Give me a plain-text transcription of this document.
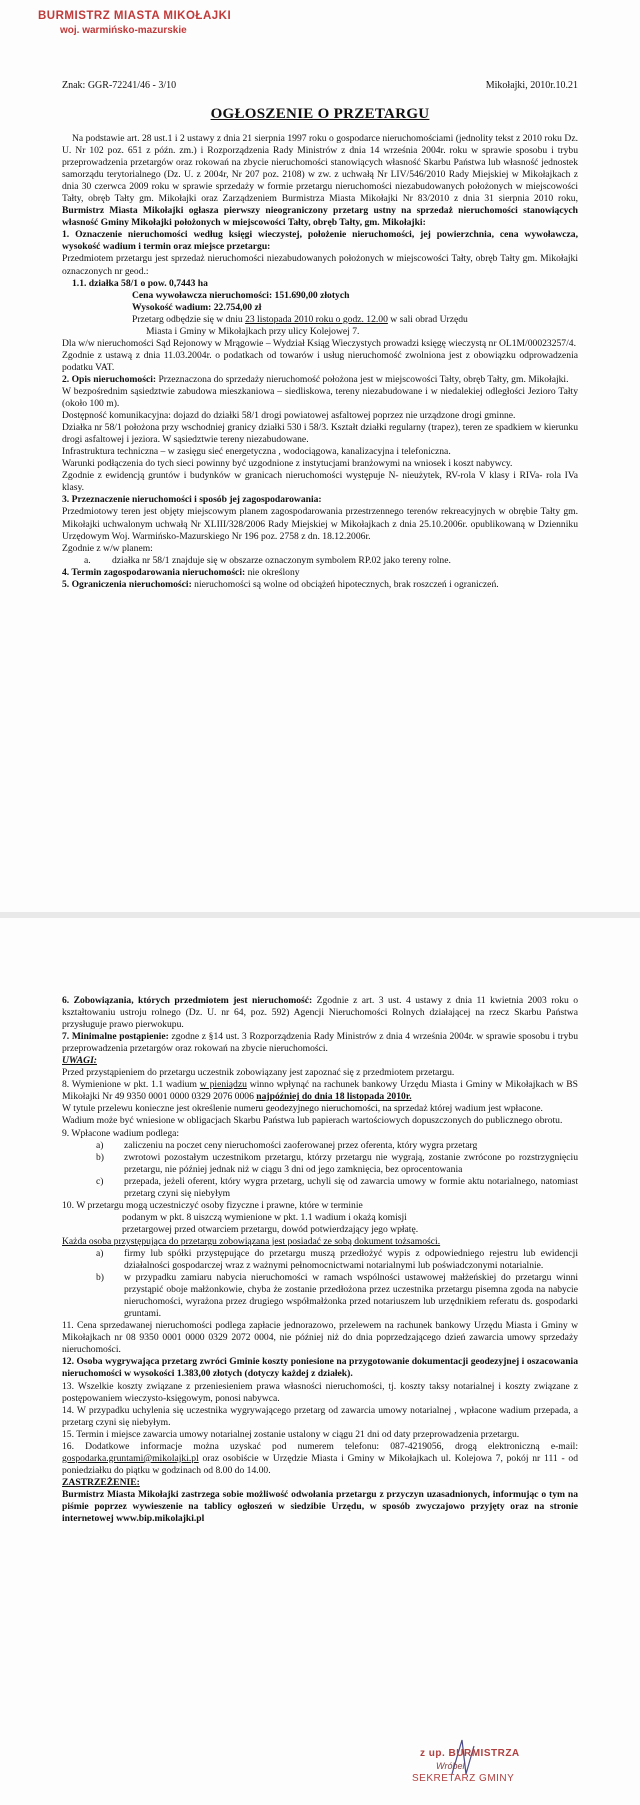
BURMISTRZ MIASTA MIKOŁAJKI
woj. warmińsko-mazurskie
Znak: GGR-72241/46 - 3/10	Mikołajki, 2010r.10.21
OGŁOSZENIE O PRZETARGU

Na podstawie art. 28 ust.1 i 2 ustawy z dnia 21 sierpnia 1997 roku o gospodarce nieruchomościami (jednolity tekst z 2010 roku Dz. U. Nr 102 poz. 651 z późn. zm.) i Rozporządzenia Rady Ministrów z dnia 14 września 2004r. roku w sprawie sposobu i trybu przeprowadzenia przetargów oraz rokowań na zbycie nieruchomości stanowiących własność Skarbu Państwa lub własność jednostek samorządu terytorialnego (Dz. U. z 2004r, Nr 207 poz. 2108) w zw. z uchwałą Nr LIV/546/2010 Rady Miejskiej w Mikołajkach z dnia 30 czerwca 2009 roku w sprawie sprzedaży w formie przetargu nieruchomości niezabudowanych położonych w miejscowości Tałty, obręb Tałty gm. Mikołajki oraz Zarządzeniem Burmistrza Miasta Mikołajki Nr 83/2010 z dnia 31 sierpnia 2010 roku, Burmistrz Miasta Mikołajki ogłasza pierwszy nieograniczony przetarg ustny na sprzedaż nieruchomości stanowiących własność Gminy Mikołajki położonych w miejscowości Tałty, obręb Tałty, gm. Mikołajki:

1. Oznaczenie nieruchomości według księgi wieczystej, położenie nieruchomości, jej powierzchnia, cena wywoławcza, wysokość wadium i termin oraz miejsce przetargu:

Przedmiotem przetargu jest sprzedaż nieruchomości niezabudowanych położonych w miejscowości Tałty, obręb Tałty gm. Mikołajki oznaczonych nr geod.:

1.1. działka 58/1 o pow. 0,7443 ha

Cena wywoławcza nieruchomości: 151.690,00 złotych

Wysokość wadium: 22.754,00 zł

Przetarg odbędzie się w dniu 23 listopada 2010 roku o godz. 12.00 w sali obrad Urzędu

Miasta i Gminy w Mikołajkach przy ulicy Kolejowej 7.

Dla w/w nieruchomości Sąd Rejonowy w Mrągowie – Wydział Ksiąg Wieczystych prowadzi księgę wieczystą nr OL1M/00023257/4.

Zgodnie z ustawą z dnia 11.03.2004r. o podatkach od towarów i usług nieruchomość zwolniona jest z obowiązku odprowadzenia podatku VAT.

2. Opis nieruchomości: Przeznaczona do sprzedaży nieruchomość położona jest w miejscowości Tałty, obręb Tałty, gm. Mikołajki.

W bezpośrednim sąsiedztwie zabudowa mieszkaniowa – siedliskowa, tereny niezabudowane i w niedalekiej odległości Jezioro Tałty (około 100 m).

Dostępność komunikacyjna: dojazd do działki 58/1 drogi powiatowej asfaltowej poprzez nie urządzone drogi gminne.

Działka nr 58/1 położona przy wschodniej granicy działki 530 i 58/3. Kształt działki regularny (trapez), teren ze spadkiem w kierunku drogi asfaltowej i jeziora. W sąsiedztwie tereny niezabudowane.

Infrastruktura techniczna – w zasięgu sieć energetyczna , wodociągowa, kanalizacyjna i telefoniczna.

Warunki podłączenia do tych sieci powinny być uzgodnione z instytucjami branżowymi na wniosek i koszt nabywcy.

Zgodnie z ewidencją gruntów i budynków w granicach nieruchomości występuje N- nieużytek, RV-rola V klasy i RIVa- rola IVa klasy.

3. Przeznaczenie nieruchomości i sposób jej zagospodarowania:

Przedmiotowy teren jest objęty miejscowym planem zagospodarowania przestrzennego terenów rekreacyjnych w obrębie Tałty gm. Mikołajki uchwalonym uchwałą Nr XLIII/328/2006 Rady Miejskiej w Mikołajkach z dnia 25.10.2006r. opublikowaną w Dzienniku Urzędowym Woj. Warmińsko-Mazurskiego Nr 196 poz. 2758 z dn. 18.12.2006r.

Zgodnie z w/w planem:

a.	działka nr 58/1 znajduje się w obszarze oznaczonym symbolem RP.02 jako tereny rolne.

4. Termin zagospodarowania nieruchomości: nie określony

5. Ograniczenia nieruchomości: nieruchomości są wolne od obciążeń hipotecznych, brak roszczeń i ograniczeń.

6. Zobowiązania, których przedmiotem jest nieruchomość: Zgodnie z art. 3 ust. 4 ustawy z dnia 11 kwietnia 2003 roku o kształtowaniu ustroju rolnego (Dz. U. nr 64, poz. 592) Agencji Nieruchomości Rolnych działającej na rzecz Skarbu Państwa przysługuje prawo pierwokupu.

7. Minimalne postąpienie: zgodne z §14 ust. 3 Rozporządzenia Rady Ministrów z dnia 4 września 2004r. w sprawie sposobu i trybu przeprowadzenia przetargów oraz rokowań na zbycie nieruchomości.

UWAGI:

Przed przystąpieniem do przetargu uczestnik zobowiązany jest zapoznać się z przedmiotem przetargu.

8. Wymienione w pkt. 1.1 wadium w pieniądzu winno wpłynąć na rachunek bankowy Urzędu Miasta i Gminy w Mikołajkach w BS Mikołajki Nr 49 9350 0001 0000 0329 2076 0006 najpóźniej do dnia 18 listopada 2010r.

W tytule przelewu konieczne jest określenie numeru geodezyjnego nieruchomości, na sprzedaż której wadium jest wpłacone.

Wadium może być wniesione w obligacjach Skarbu Państwa lub papierach wartościowych dopuszczonych do publicznego obrotu.

9. Wpłacone wadium podlega:

a)	zaliczeniu na poczet ceny nieruchomości zaoferowanej przez oferenta, który wygra przetarg
b)	zwrotowi pozostałym uczestnikom przetargu, którzy przetargu nie wygrają, zostanie zwrócone po rozstrzygnięciu przetargu, nie później jednak niż w ciągu 3 dni od jego zamknięcia, bez oprocentowania
c)	przepada, jeżeli oferent, który wygra przetarg, uchyli się od zawarcia umowy w formie aktu notarialnego, natomiast przetarg czyni się niebyłym

10. W przetargu mogą uczestniczyć osoby fizyczne i prawne, które w terminie

podanym w pkt. 8 uiszczą wymienione w pkt. 1.1 wadium i okażą komisji

przetargowej przed otwarciem przetargu, dowód potwierdzający jego wpłatę.

Każda osoba przystępująca do przetargu zobowiązana jest posiadać ze sobą dokument tożsamości.

a)	firmy lub spółki przystępujące do przetargu muszą przedłożyć wypis z odpowiedniego rejestru lub ewidencji działalności gospodarczej wraz z ważnymi pełnomocnictwami notarialnymi lub poświadczonymi notarialnie.
b)	w przypadku zamiaru nabycia nieruchomości w ramach wspólności ustawowej małżeńskiej do przetargu winni przystąpić oboje małżonkowie, chyba że zostanie przedłożona przez uczestnika przetargu pisemna zgoda na nabycie nieruchomości, wyrażona przez drugiego współmałżonka przed notariuszem lub urzędnikiem referatu ds. gospodarki gruntami.

11. Cena sprzedawanej nieruchomości podlega zapłacie jednorazowo, przelewem na rachunek bankowy Urzędu Miasta i Gminy w Mikołajkach nr 08 9350 0001 0000 0329 2072 0004, nie później niż do dnia poprzedzającego dzień zawarcia umowy sprzedaży nieruchomości.

12. Osoba wygrywająca przetarg zwróci Gminie koszty poniesione na przygotowanie dokumentacji geodezyjnej i oszacowania nieruchomości w wysokości 1.383,00 złotych (dotyczy każdej z działek).

13. Wszelkie koszty związane z przeniesieniem prawa własności nieruchomości, tj. koszty taksy notarialnej i koszty związane z postępowaniem wieczysto-księgowym, ponosi nabywca.

14. W przypadku uchylenia się uczestnika wygrywającego przetarg od zawarcia umowy notarialnej , wpłacone wadium przepada, a przetarg czyni się niebyłym.

15. Termin i miejsce zawarcia umowy notarialnej zostanie ustalony w ciągu 21 dni od daty przeprowadzenia przetargu.

16. Dodatkowe informacje można uzyskać pod numerem telefonu: 087-4219056, drogą elektroniczną e-mail: gospodarka.gruntami@mikolajki.pl oraz osobiście w Urzędzie Miasta i Gminy w Mikołajkach ul. Kolejowa 7, pokój nr 111 - od poniedziałku do piątku w godzinach od 8.00 do 14.00.

ZASTRZEŻENIE:

Burmistrz Miasta Mikołajki zastrzega sobie możliwość odwołania przetargu z przyczyn uzasadnionych, informując o tym na piśmie poprzez wywieszenie na tablicy ogłoszeń w siedzibie Urzędu, w sposób zwyczajowo przyjęty oraz na stronie internetowej www.bip.mikolajki.pl

z up. BURMISTRZA
Wróbel
SEKRETARZ GMINY
